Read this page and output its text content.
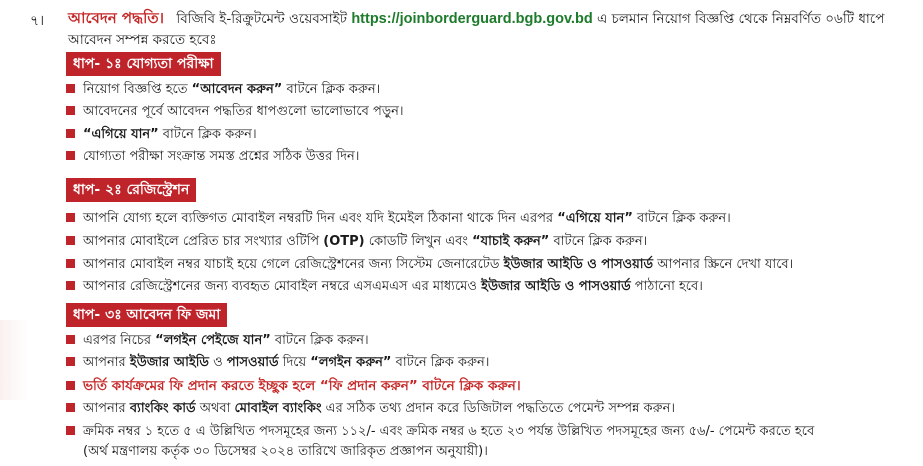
৭। আবেদন পদ্ধতি। বিজিবি ই-রিক্রুটমেন্ট ওয়েবসাইট https://joinborderguard.bgb.gov.bd এ চলমান নিয়োগ বিজ্ঞপ্তি থেকে নিম্নবর্ণিত ০৬টি ধাপে আবেদন সম্পন্ন করতে হবেঃ
ধাপ- ১ঃ যোগ্যতা পরীক্ষা
নিয়োগ বিজ্ঞপ্তি হতে “আবেদন করুন” বাটনে ক্লিক করুন।
আবেদনের পূর্বে আবেদন পদ্ধতির ধাপগুলো ভালোভাবে পড়ুন।
“এগিয়ে যান” বাটনে ক্লিক করুন।
যোগ্যতা পরীক্ষা সংক্রান্ত সমস্ত প্রশ্নের সঠিক উত্তর দিন।
ধাপ- ২ঃ রেজিস্ট্রেশন
আপনি যোগ্য হলে ব্যক্তিগত মোবাইল নম্বরটি দিন এবং যদি ইমেইল ঠিকানা থাকে দিন এরপর “এগিয়ে যান” বাটনে ক্লিক করুন।
আপনার মোবাইলে প্রেরিত চার সংখ্যার ওটিপি (OTP) কোডটি লিখুন এবং “যাচাই করুন” বাটনে ক্লিক করুন।
আপনার মোবাইল নম্বর যাচাই হয়ে গেলে রেজিস্ট্রেশনের জন্য সিস্টেম জেনারেটেড ইউজার আইডি ও পাসওয়ার্ড আপনার স্ক্রিনে দেখা যাবে।
আপনার রেজিস্ট্রেশনের জন্য ব্যবহৃত মোবাইল নম্বরে এসএমএস এর মাধ্যমেও ইউজার আইডি ও পাসওয়ার্ড পাঠানো হবে।
ধাপ- ৩ঃ আবেদন ফি জমা
এরপর নিচের “লগইন পেইজে যান” বাটনে ক্লিক করুন।
আপনার ইউজার আইডি ও পাসওয়ার্ড দিয়ে “লগইন করুন” বাটনে ক্লিক করুন।
ভর্তি কার্যক্রমের ফি প্রদান করতে ইচ্ছুক হলে “ফি প্রদান করুন” বাটনে ক্লিক করুন।
আপনার ব্যাংকিং কার্ড অথবা মোবাইল ব্যাংকিং এর সঠিক তথ্য প্রদান করে ডিজিটাল পদ্ধতিতে পেমেন্ট সম্পন্ন করুন।
ক্রমিক নম্বর ১ হতে ৫ এ উল্লিখিত পদসমূহের জন্য ১১২/- এবং ক্রমিক নম্বর ৬ হতে ২৩ পর্যন্ত উল্লিখিত পদসমূহের জন্য ৫৬/- পেমেন্ট করতে হবে
(অর্থ মন্ত্রণালয় কর্তৃক ৩০ ডিসেম্বর ২০২৪ তারিখে জারিকৃত প্রজ্ঞাপন অনুযায়ী)।
